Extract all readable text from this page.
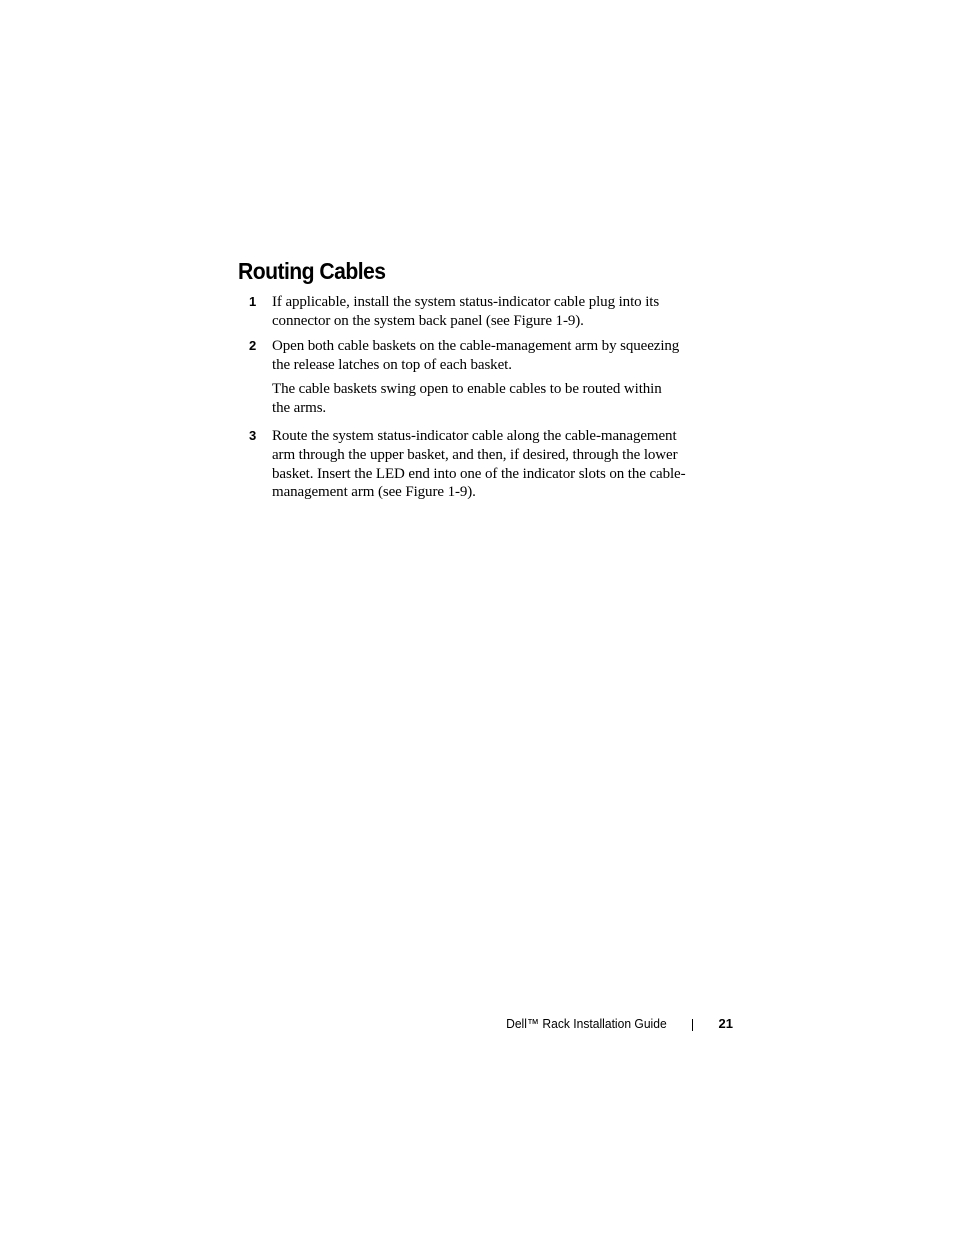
Routing Cables
1 If applicable, install the system status-indicator cable plug into its
connector on the system back panel (see Figure 1-9).
2 Open both cable baskets on the cable-management arm by squeezing
the release latches on top of each basket.
The cable baskets swing open to enable cables to be routed within
the arms.
3 Route the system status-indicator cable along the cable-management
arm through the upper basket, and then, if desired, through the lower
basket. Insert the LED end into one of the indicator slots on the cable-
management arm (see Figure 1-9).
Dell™ Rack Installation Guide	21
